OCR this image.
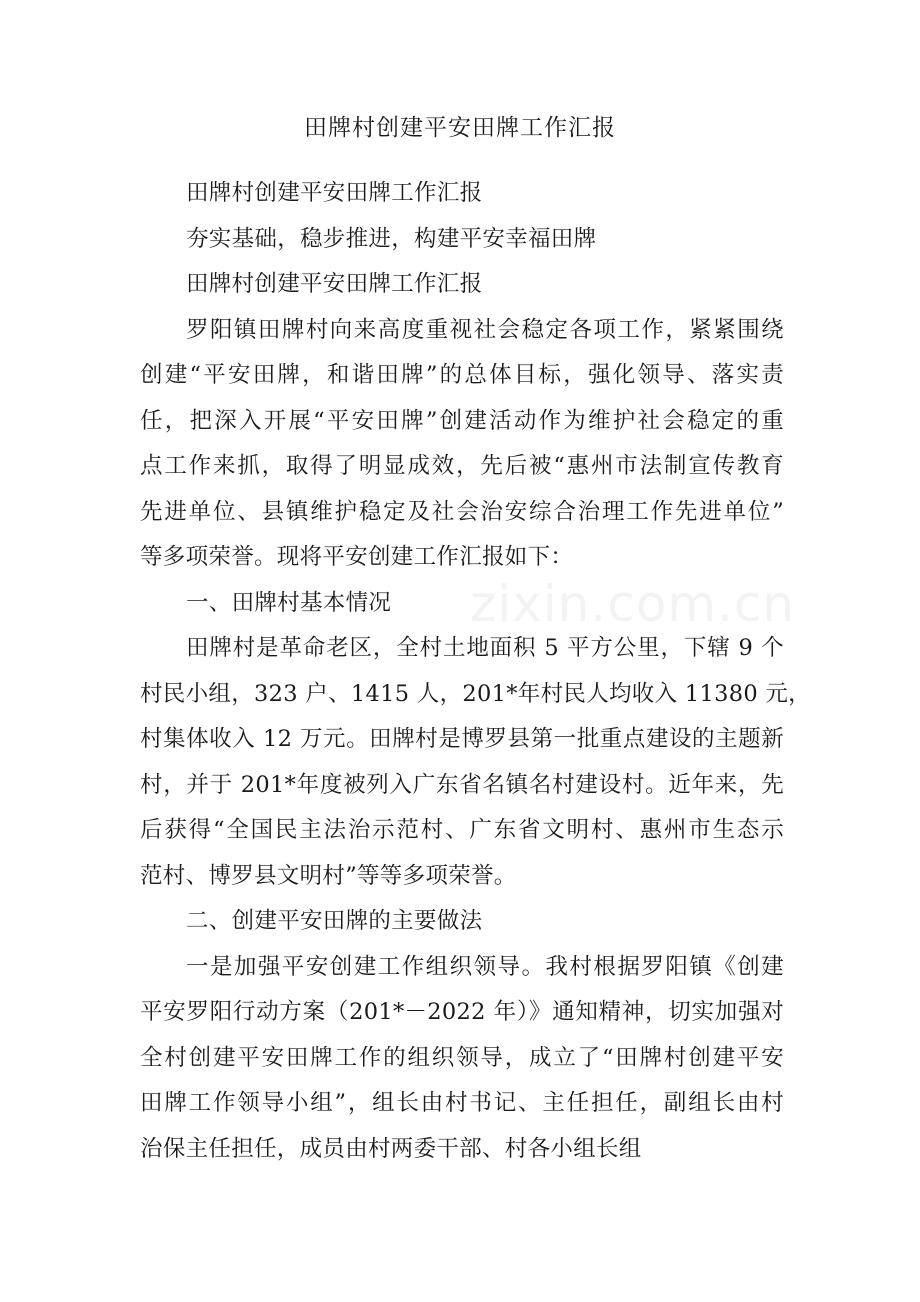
田牌村创建平安田牌工作汇报
zixin.com.cn
田牌村创建平安田牌工作汇报
夯实基础，稳步推进，构建平安幸福田牌
田牌村创建平安田牌工作汇报
罗阳镇田牌村向来高度重视社会稳定各项工作，紧紧围绕
创建“平安田牌，和谐田牌”的总体目标，强化领导、落实责
任，把深入开展“平安田牌”创建活动作为维护社会稳定的重
点工作来抓，取得了明显成效，先后被“惠州市法制宣传教育
先进单位、县镇维护稳定及社会治安综合治理工作先进单位”
等多项荣誉。现将平安创建工作汇报如下：
一、田牌村基本情况
田牌村是革命老区，全村土地面积 5 平方公里，下辖 9 个
村民小组，323 户、1415 人，201*年村民人均收入 11380 元，
村集体收入 12 万元。田牌村是博罗县第一批重点建设的主题新
村，并于 201*年度被列入广东省名镇名村建设村。近年来，先
后获得“全国民主法治示范村、广东省文明村、惠州市生态示
范村、博罗县文明村”等等多项荣誉。
二、创建平安田牌的主要做法
一是加强平安创建工作组织领导。我村根据罗阳镇《创建
平安罗阳行动方案（201*－2022 年）》通知精神，切实加强对
全村创建平安田牌工作的组织领导，成立了“田牌村创建平安
田牌工作领导小组”，组长由村书记、主任担任，副组长由村
治保主任担任，成员由村两委干部、村各小组长组
